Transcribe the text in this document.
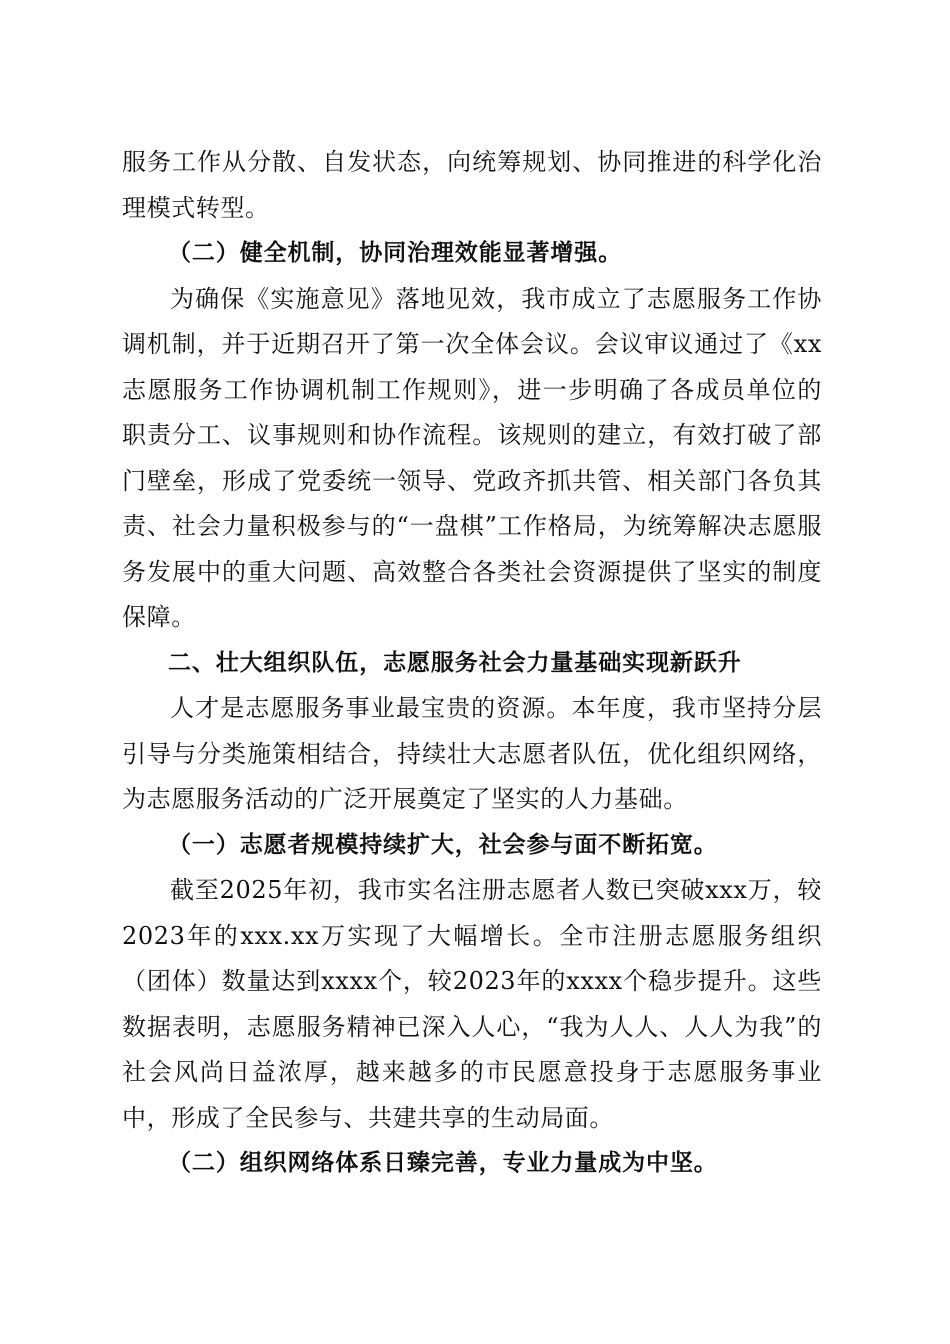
服务工作从分散、自发状态，向统筹规划、协同推进的科学化治理模式转型。

（二）健全机制，协同治理效能显著增强。

为确保《实施意见》落地见效，我市成立了志愿服务工作协调机制，并于近期召开了第一次全体会议。会议审议通过了《xx志愿服务工作协调机制工作规则》，进一步明确了各成员单位的职责分工、议事规则和协作流程。该规则的建立，有效打破了部门壁垒，形成了党委统一领导、党政齐抓共管、相关部门各负其责、社会力量积极参与的“一盘棋”工作格局，为统筹解决志愿服务发展中的重大问题、高效整合各类社会资源提供了坚实的制度保障。

二、壮大组织队伍，志愿服务社会力量基础实现新跃升

人才是志愿服务事业最宝贵的资源。本年度，我市坚持分层引导与分类施策相结合，持续壮大志愿者队伍，优化组织网络，为志愿服务活动的广泛开展奠定了坚实的人力基础。

（一）志愿者规模持续扩大，社会参与面不断拓宽。

截至2025年初，我市实名注册志愿者人数已突破xxx万，较2023年的xxx.xx万实现了大幅增长。全市注册志愿服务组织（团体）数量达到xxxx个，较2023年的xxxx个稳步提升。这些数据表明，志愿服务精神已深入人心，“我为人人、人人为我”的社会风尚日益浓厚，越来越多的市民愿意投身于志愿服务事业中，形成了全民参与、共建共享的生动局面。

（二）组织网络体系日臻完善，专业力量成为中坚。
